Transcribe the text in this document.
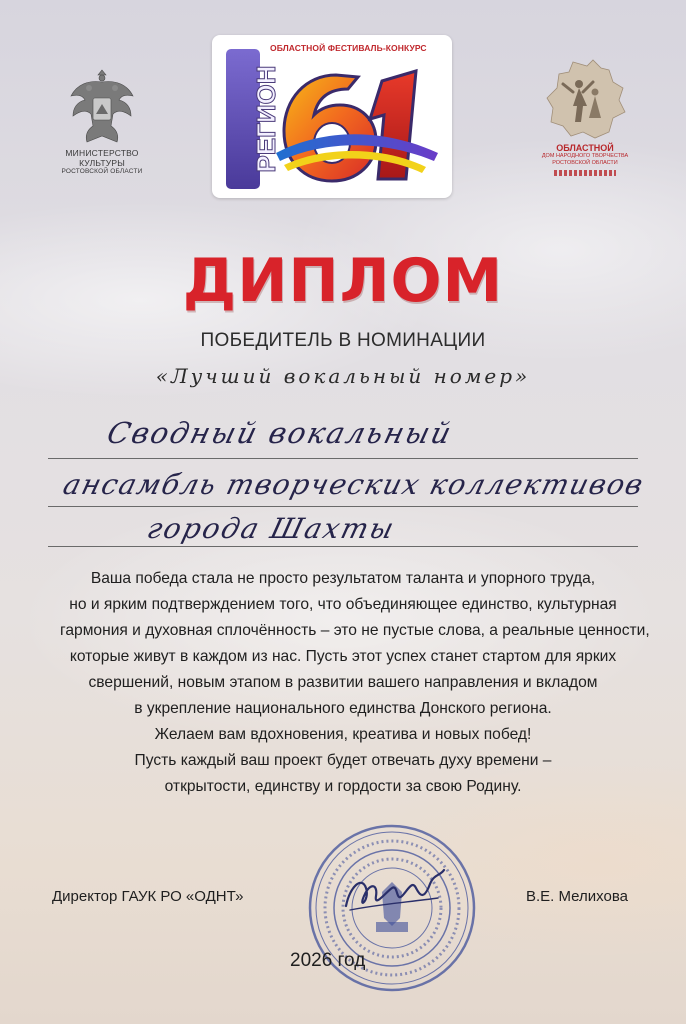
МИНИСТЕРСТВО
КУЛЬТУРЫ
РОСТОВСКОЙ ОБЛАСТИ	РЕГИОН
ОБЛАСТНОЙ ФЕСТИВАЛЬ-КОНКУРС
ОБЛАСТНОЙ
ДОМ НАРОДНОГО ТВОРЧЕСТВА
РОСТОВСКОЙ ОБЛАСТИ
ДИПЛОМ
ПОБЕДИТЕЛЬ В НОМИНАЦИИ
«Лучший вокальный номер»
Сводный вокальный
ансамбль творческих коллективов
города Шахты

Ваша победа стала не просто результатом таланта и упорного труда,

но и ярким подтверждением того, что объединяющее единство, культурная

гармония и духовная сплочённость – это не пустые слова, а реальные ценности,

которые живут в каждом из нас. Пусть этот успех станет стартом для ярких

свершений, новым этапом в развитии вашего направления и вкладом

в укрепление национального единства Донского региона.

Желаем вам вдохновения, креатива и новых побед!

Пусть каждый ваш проект будет отвечать духу времени –

открытости, единству и гордости за свою Родину.

Директор ГАУК РО «ОДНТ»	В.Е. Мелихова
2026 год
